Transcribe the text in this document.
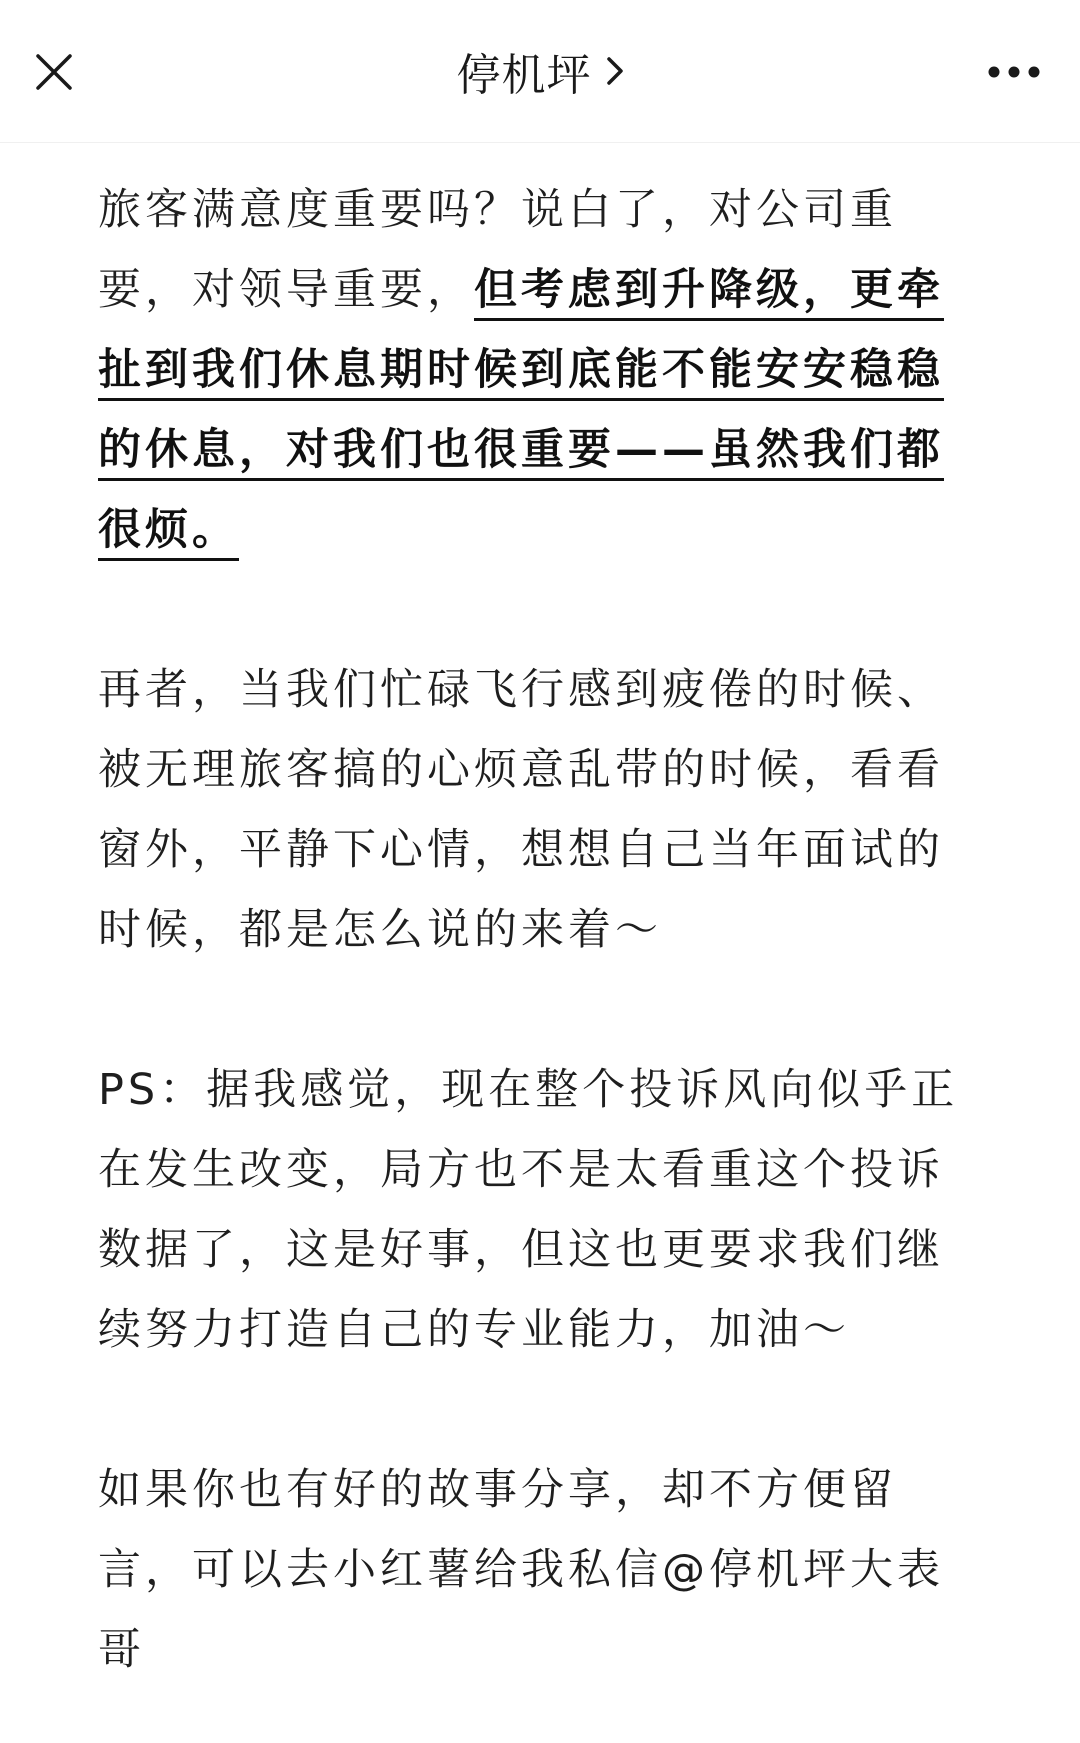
停机坪

旅客满意度重要吗？说白了，对公司重要，对领导重要，但考虑到升降级，更牵扯到我们休息期时候到底能不能安安稳稳的休息，对我们也很重要——虽然我们都很烦。

再者，当我们忙碌飞行感到疲倦的时候、被无理旅客搞的心烦意乱带的时候，看看窗外，平静下心情，想想自己当年面试的时候，都是怎么说的来着～

PS：据我感觉，现在整个投诉风向似乎正在发生改变，局方也不是太看重这个投诉数据了，这是好事，但这也更要求我们继续努力打造自己的专业能力，加油～

如果你也有好的故事分享，却不方便留言，可以去小红薯给我私信@停机坪大表哥
